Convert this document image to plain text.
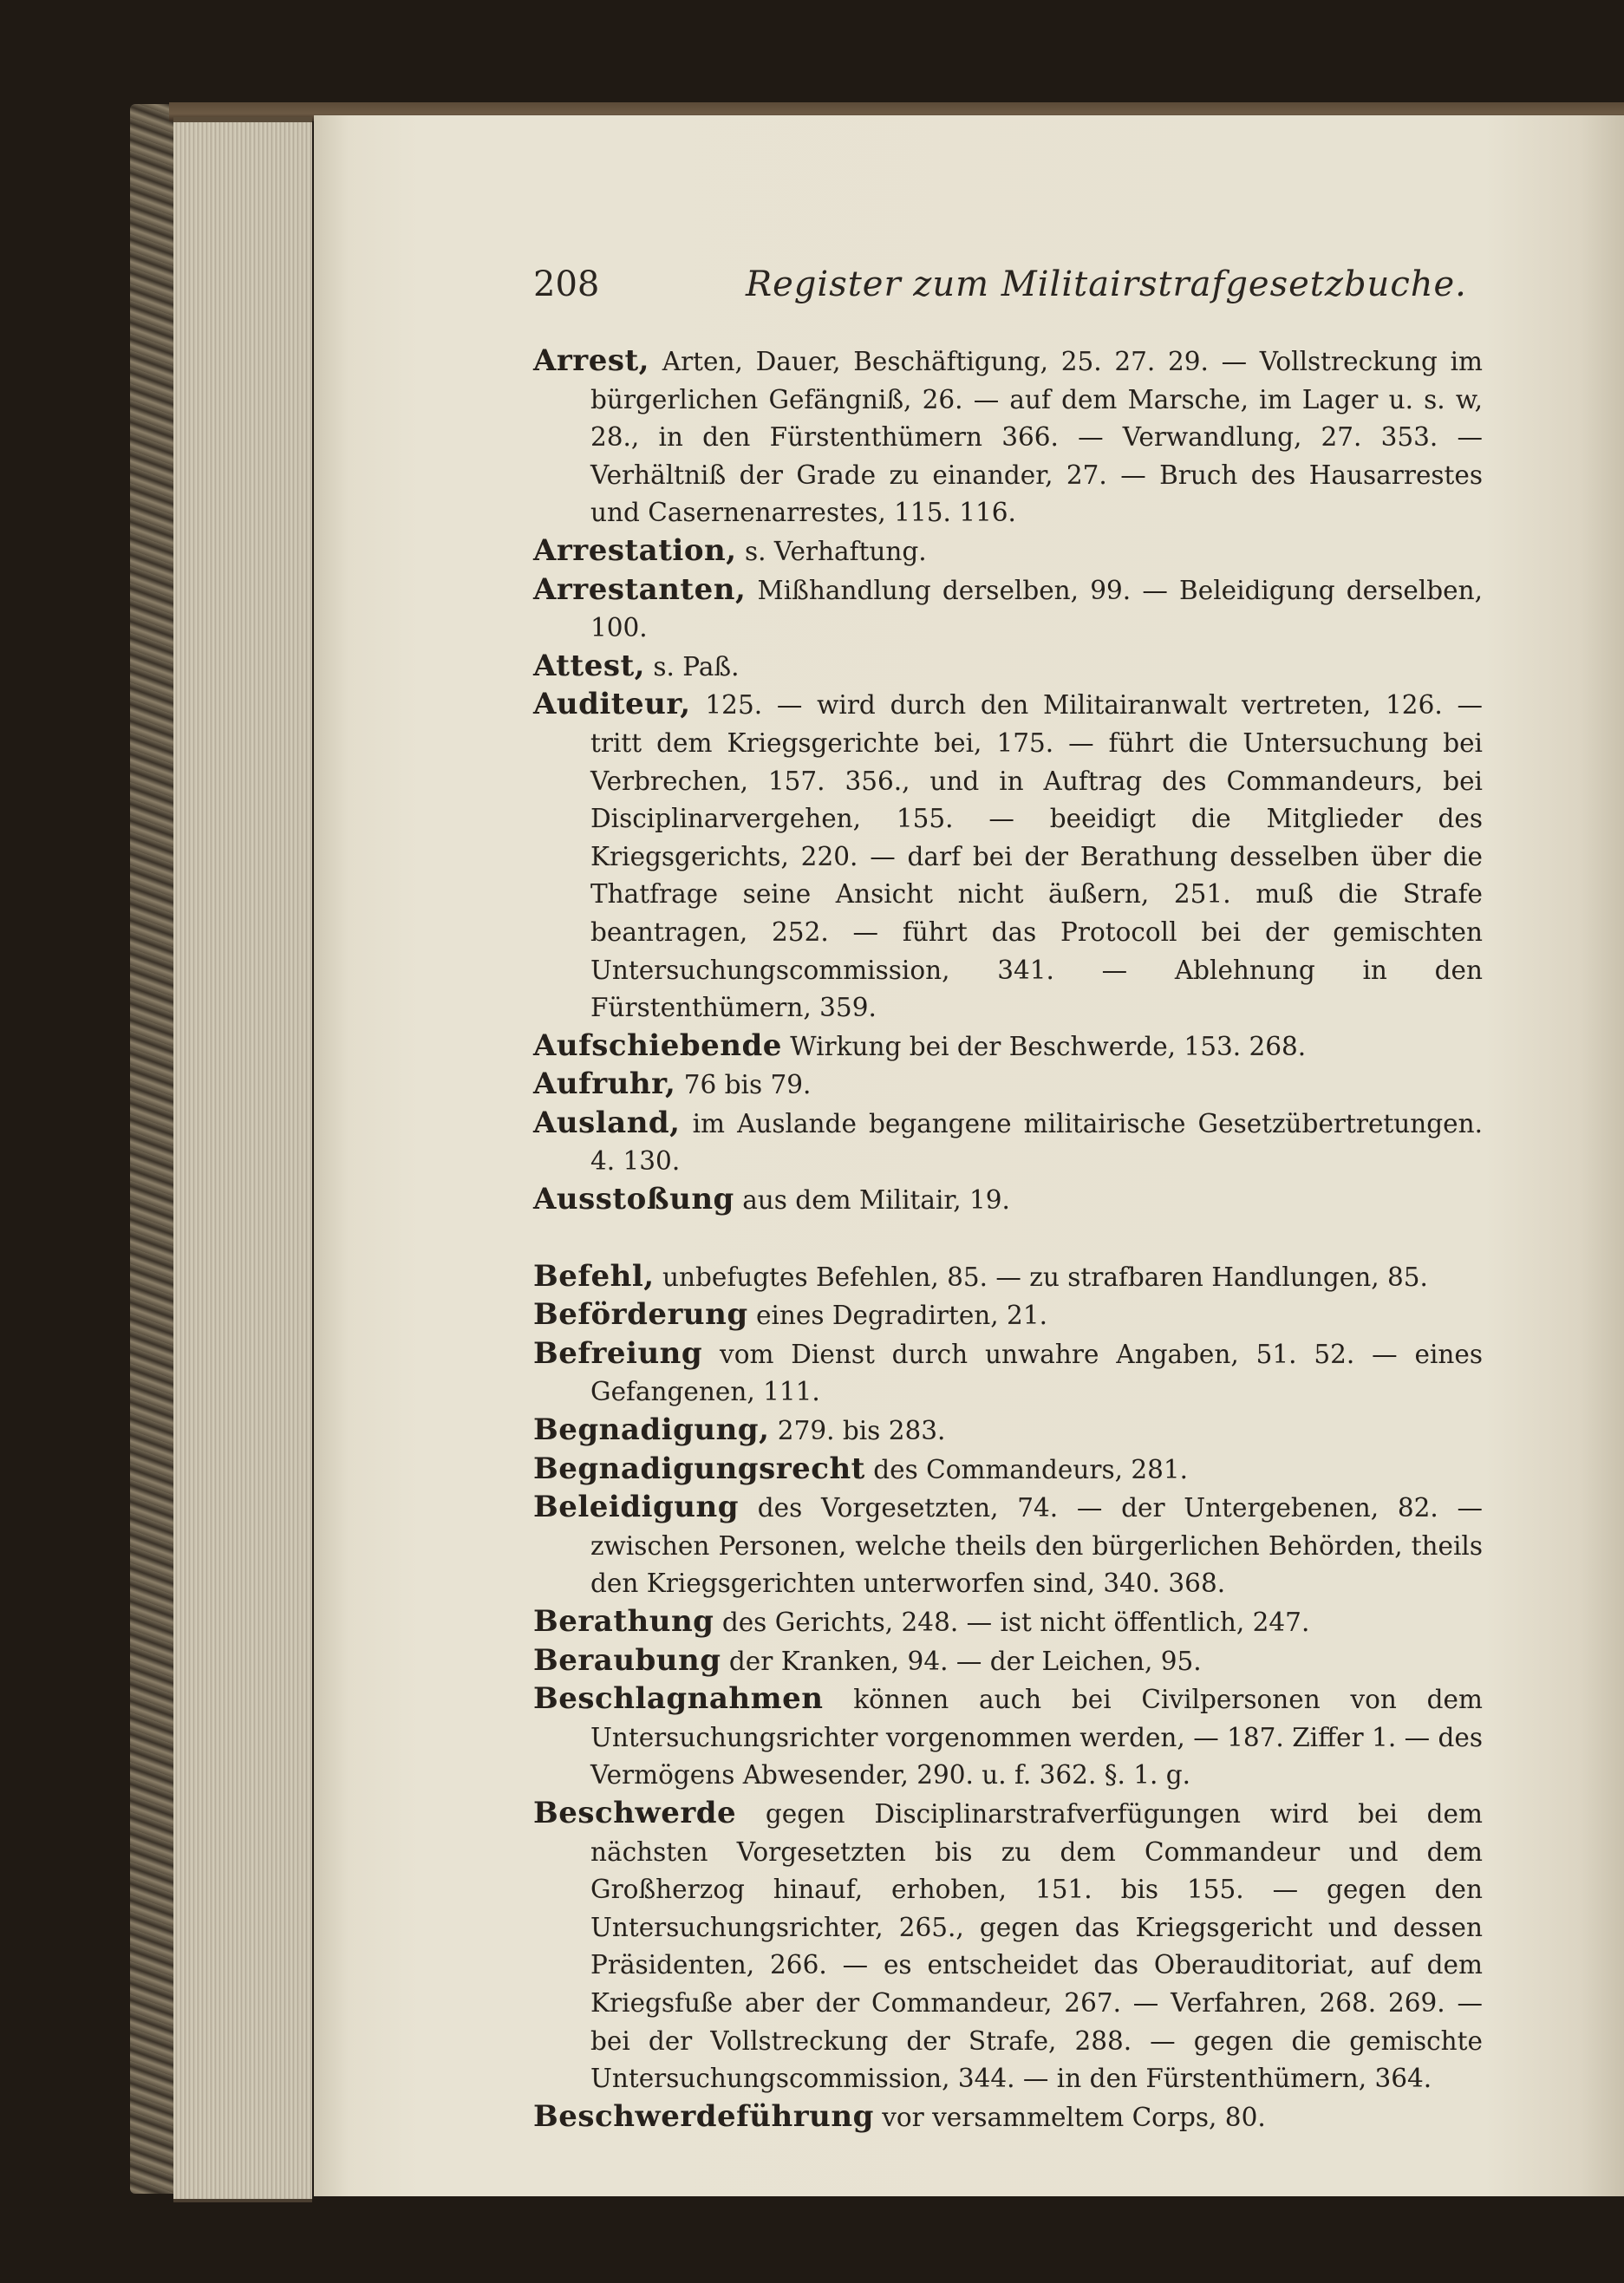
208	Register zum Militairstrafgesetzbuche.

Arrest, Arten, Dauer, Beschäftigung, 25. 27. 29. — Vollstreckung im bürgerlichen Gefängniß, 26. — auf dem Marsche, im Lager u. s. w, 28., in den Fürstenthümern 366. — Verwandlung, 27. 353. — Verhältniß der Grade zu einander, 27. — Bruch des Hausarrestes und Casernenarrestes, 115. 116.

Arrestation, s. Verhaftung.

Arrestanten, Mißhandlung derselben, 99. — Beleidigung derselben, 100.

Attest, s. Paß.

Auditeur, 125. — wird durch den Militairanwalt vertreten, 126. — tritt dem Kriegsgerichte bei, 175. — führt die Untersuchung bei Verbrechen, 157. 356., und in Auftrag des Commandeurs, bei Disciplinarvergehen, 155. — beeidigt die Mitglieder des Kriegsgerichts, 220. — darf bei der Berathung desselben über die Thatfrage seine Ansicht nicht äußern, 251. muß die Strafe beantragen, 252. — führt das Protocoll bei der gemischten Untersuchungscommission, 341. — Ablehnung in den Fürstenthümern, 359.

Aufschiebende Wirkung bei der Beschwerde, 153. 268.

Aufruhr, 76 bis 79.

Ausland, im Auslande begangene militairische Gesetzübertretungen. 4. 130.

Ausstoßung aus dem Militair, 19.

Befehl, unbefugtes Befehlen, 85. — zu strafbaren Handlungen, 85.

Beförderung eines Degradirten, 21.

Befreiung vom Dienst durch unwahre Angaben, 51. 52. — eines Gefangenen, 111.

Begnadigung, 279. bis 283.

Begnadigungsrecht des Commandeurs, 281.

Beleidigung des Vorgesetzten, 74. — der Untergebenen, 82. — zwischen Personen, welche theils den bürgerlichen Behörden, theils den Kriegsgerichten unterworfen sind, 340. 368.

Berathung des Gerichts, 248. — ist nicht öffentlich, 247.

Beraubung der Kranken, 94. — der Leichen, 95.

Beschlagnahmen können auch bei Civilpersonen von dem Untersuchungsrichter vorgenommen werden, — 187. Ziffer 1. — des Vermögens Abwesender, 290. u. f. 362. §. 1. g.

Beschwerde gegen Disciplinarstrafverfügungen wird bei dem nächsten Vorgesetzten bis zu dem Commandeur und dem Großherzog hinauf, erhoben, 151. bis 155. — gegen den Untersuchungsrichter, 265., gegen das Kriegsgericht und dessen Präsidenten, 266. — es entscheidet das Oberauditoriat, auf dem Kriegsfuße aber der Commandeur, 267. — Verfahren, 268. 269. — bei der Vollstreckung der Strafe, 288. — gegen die gemischte Untersuchungscommission, 344. — in den Fürstenthümern, 364.

Beschwerdeführung vor versammeltem Corps, 80.
